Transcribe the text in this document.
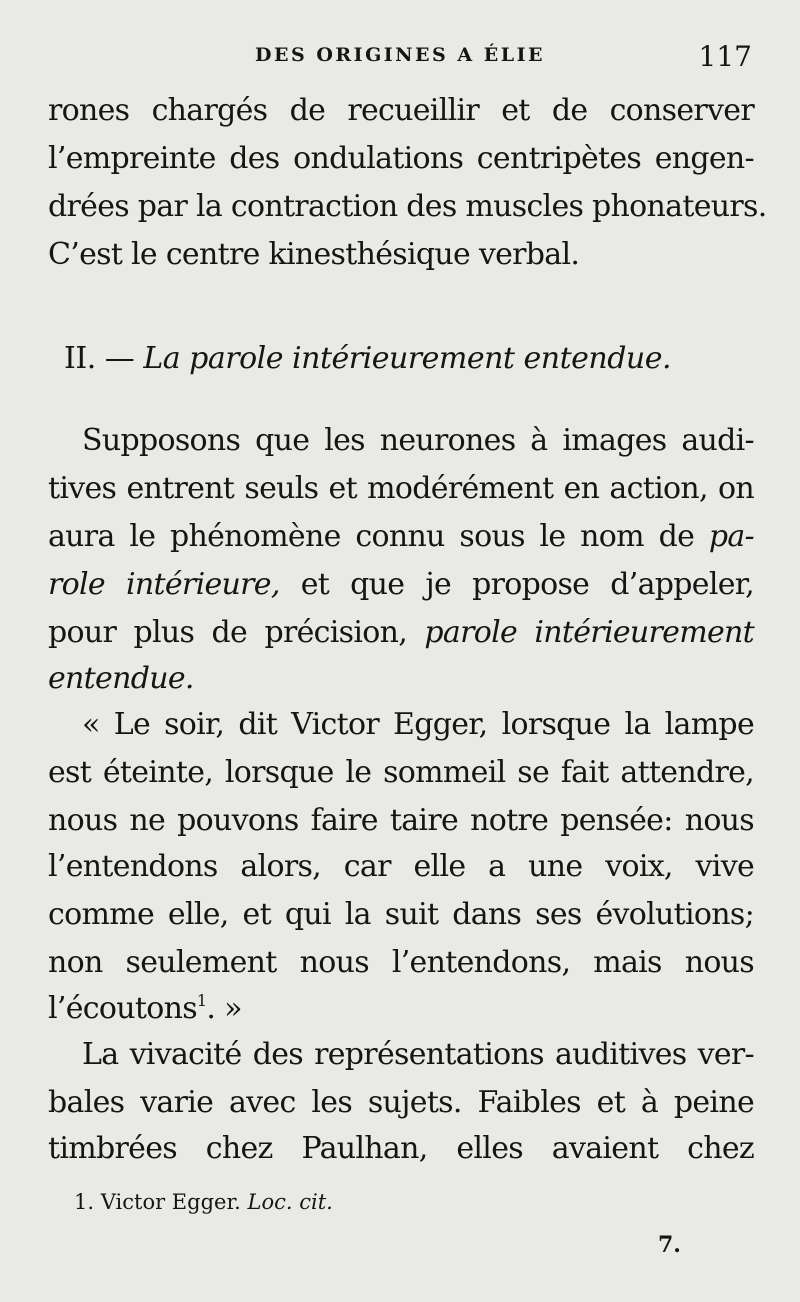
DES ORIGINES A ÉLIE	117
rones chargés de recueillir et de conserver
l’empreinte des ondulations centripètes engen-
drées par la contraction des muscles phonateurs.
C’est le centre kinesthésique verbal.
II. — La parole intérieurement entendue.
Supposons que les neurones à images audi-
tives entrent seuls et modérément en action, on
aura le phénomène connu sous le nom de pa-
role intérieure, et que je propose d’appeler,
pour plus de précision, parole intérieurement
entendue.
« Le soir, dit Victor Egger, lorsque la lampe
est éteinte, lorsque le sommeil se fait attendre,
nous ne pouvons faire taire notre pensée: nous
l’entendons alors, car elle a une voix, vive
comme elle, et qui la suit dans ses évolutions;
non seulement nous l’entendons, mais nous
l’écoutons$^1$. »
La vivacité des représentations auditives ver-
bales varie avec les sujets. Faibles et à peine
timbrées chez Paulhan, elles avaient chez
1. Victor Egger. Loc. cit.
7.
